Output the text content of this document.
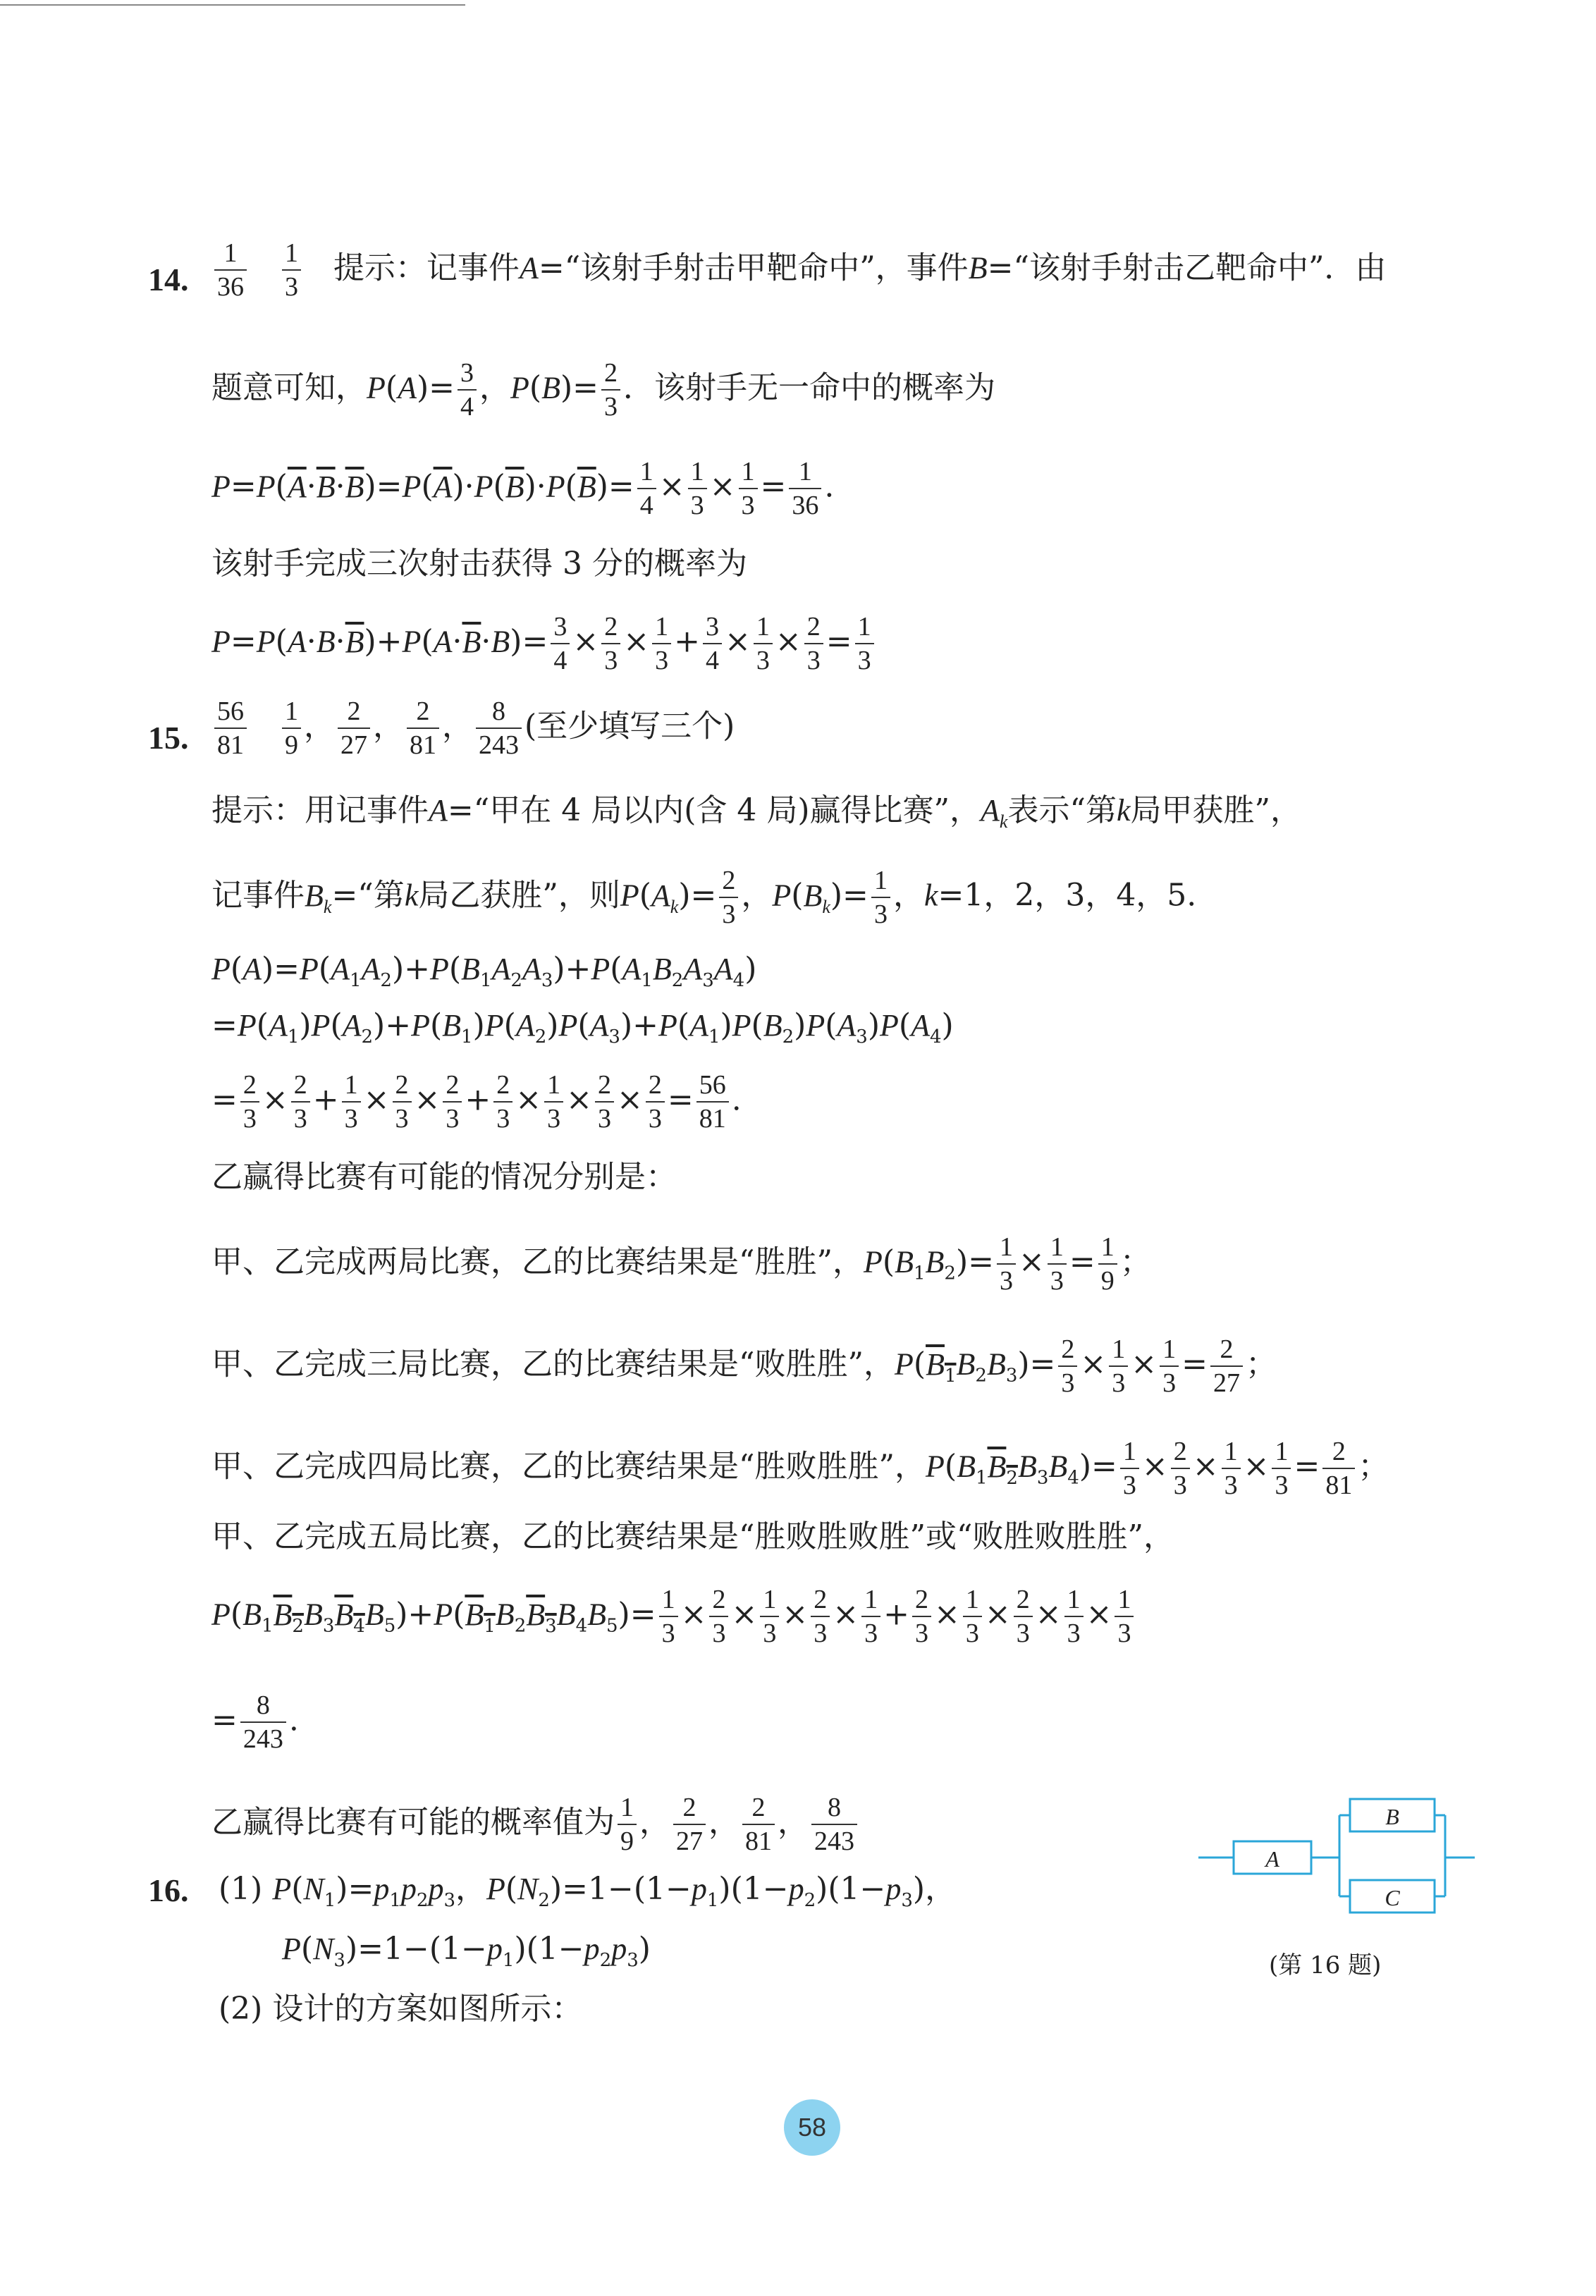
14. $\frac{1}{36}$
$\frac{1}{3}$ 提示：记事件A=“该射手射击甲靶命中”，事件B=“该射手射击乙靶命中”．由
题意可知，$P(A)= \frac{3}{4}$ ，$P(B)= \frac{2}{3}$ ．该射手无一命中的概率为
$P=P(\overline{A}\cdot\overline{B}\cdot\overline{B})=P(\overline{A})\cdot P(\overline{B})\cdot P(\overline{B})= \frac{1}{4} \times \frac{1}{3} \times \frac{1}{3} = \frac{1}{36}$ .
该射手完成三次射击获得 3 分的概率为
$P=P(A\cdot B\cdot\overline{B})+P(A\cdot\overline{B}\cdot B)= \frac{3}{4} \times \frac{2}{3} \times \frac{1}{3} + \frac{3}{4} \times \frac{1}{3} \times \frac{2}{3} = \frac{1}{3}$
15. $\frac{56}{81}$
$\frac{1}{9}$ ， $\frac{2}{27}$ ， $\frac{2}{81}$ ， $\frac{8}{243}$ (至少填写三个)
提示：用记事件A=“甲在 4 局以内(含 4 局)赢得比赛”，$A_k$表示“第k局甲获胜”，
记事件$B_k=“$第k局乙获胜”，则$P(A_k)= \frac{2}{3}$ ，$P(B_k)= \frac{1}{3}$ ，k=1，2，3，4，5.
$P(A)=P(A_1A_2)+P(B_1A_2A_3)+P(A_1B_2A_3A_4)$
$=P(A_1)P(A_2)+P(B_1)P(A_2)P(A_3)+P(A_1)P(B_2)P(A_3)P(A_4)$
= $\frac{2}{3} \times \frac{2}{3} + \frac{1}{3} \times \frac{2}{3} \times \frac{2}{3} + \frac{2}{3} \times \frac{1}{3} \times \frac{2}{3} \times \frac{2}{3} = \frac{56}{81}$ .
乙赢得比赛有可能的情况分别是：
甲、乙完成两局比赛，乙的比赛结果是“胜胜”，$P(B_1B_2)= \frac{1}{3} \times \frac{1}{3} = \frac{1}{9}$ ；
甲、乙完成三局比赛，乙的比赛结果是“败胜胜”，$P(B_1B_2B_3)= \frac{2}{3} \times \frac{1}{3} \times \frac{1}{3} = \frac{2}{27}$ ；
甲、乙完成四局比赛，乙的比赛结果是“胜败胜胜”，$P(B_1B_2B_3B_4)= \frac{1}{3} \times \frac{2}{3} \times \frac{1}{3} \times \frac{1}{3} = \frac{2}{81}$ ；
甲、乙完成五局比赛，乙的比赛结果是“胜败胜败胜”或“败胜败胜胜”，
$P(B_1B_2B_3B_4B_5)+P(B_1B_2B_3B_4B_5)= \frac{1}{3} \times \frac{2}{3} \times \frac{1}{3} \times \frac{2}{3} \times \frac{1}{3} + \frac{2}{3} \times \frac{1}{3} \times \frac{2}{3} \times \frac{1}{3} \times \frac{1}{3}$
= $\frac{8}{243}$ .
乙赢得比赛有可能的概率值为 $\frac{1}{9}$ ， $\frac{2}{27}$ ， $\frac{2}{81}$ ， $\frac{8}{243}$
16. (1) $P(N_1)=p_1p_2p_3$，$P(N_2)=1-(1-p_1)(1-p_2)(1-p_3)$，
$P(N_3)=1-(1-p_1)(1-p_2p_3)$
(2) 设计的方案如图所示：
A
B
C
(第 16 题)
58
